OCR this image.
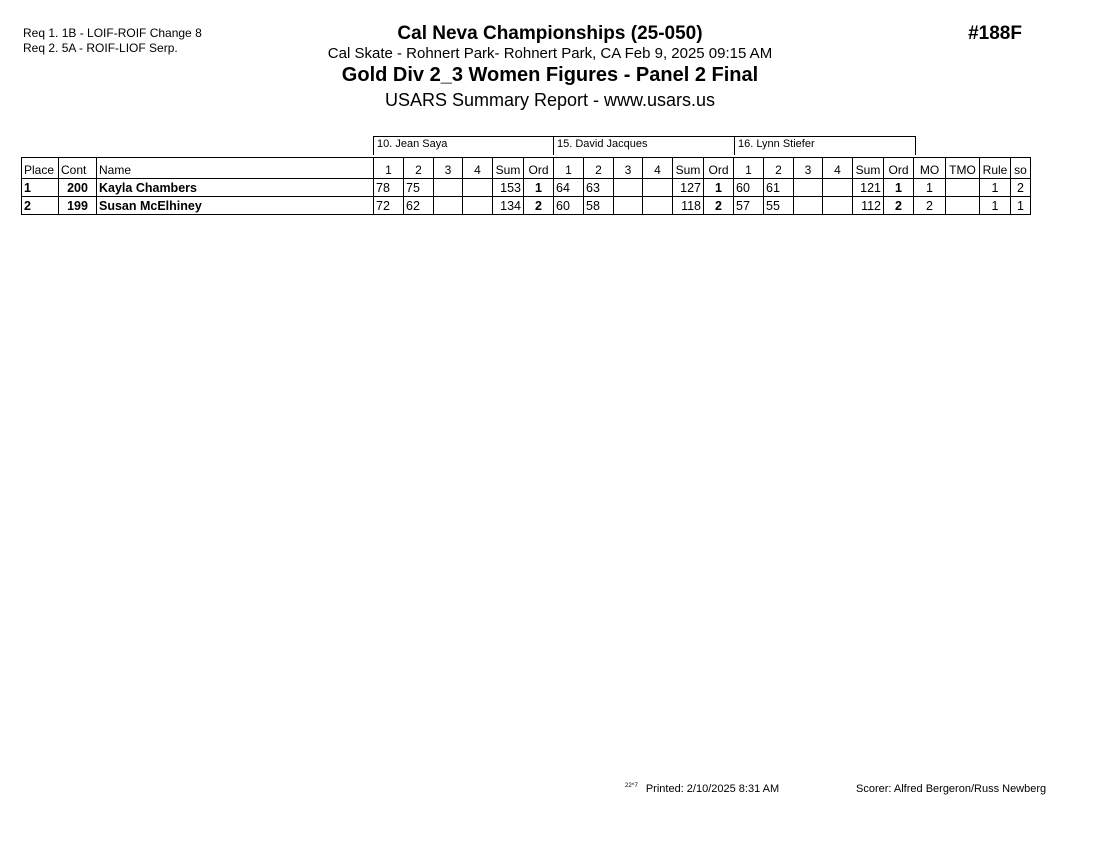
Req 1. 1B - LOIF-ROIF Change 8
Req 2. 5A - ROIF-LIOF Serp.
#188F
Cal Neva Championships (25-050)
Cal Skate - Rohnert Park- Rohnert Park, CA Feb 9, 2025 09:15 AM
Gold Div 2_3 Women Figures - Panel 2 Final
USARS Summary Report - www.usars.us
10. Jean Saya	15. David Jacques	16. Lynn Stiefer
Place	Cont	Name	1	2	3	4	Sum	Ord	1	2	3	4	Sum	Ord	1	2	3	4	Sum	Ord	MO	TMO	Rule	so
1	200	Kayla Chambers	78	75			153	1	64	63			127	1	60	61			121	1	1		1	2
2	199	Susan McElhiney	72	62			134	2	60	58			118	2	57	55			112	2	2		1	1
$^{22\^{}7}$ Printed: 2/10/2025 8:31 AM	Scorer: Alfred Bergeron/Russ Newberg
